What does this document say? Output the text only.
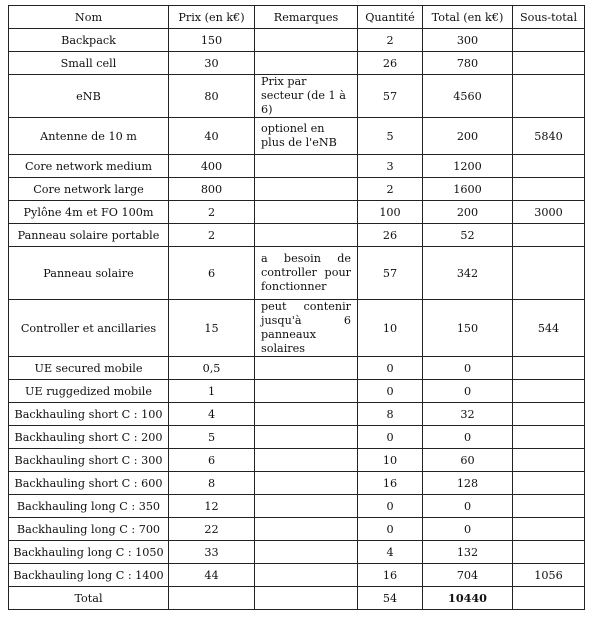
Nom	Prix (en k€)	Remarques	Quantité	Total (en k€)	Sous-total
Backpack	150		2	300	
Small cell	30		26	780	
eNB	80	Prix par secteur (de 1 à 6)	57	4560	
Antenne de 10 m	40	optionel en plus de l'eNB	5	200	5840
Core network medium	400		3	1200	
Core network large	800		2	1600	
Pylône 4m et FO 100m	2		100	200	3000
Panneau solaire portable	2		26	52	
Panneau solaire	6	a besoin de controller pour fonctionner	57	342	
Controller et ancillaries	15	peut contenir jusqu'à 6 panneaux solaires	10	150	544
UE secured mobile	0,5		0	0	
UE ruggedized mobile	1		0	0	
Backhauling short C : 100	4		8	32	
Backhauling short C : 200	5		0	0	
Backhauling short C : 300	6		10	60	
Backhauling short C : 600	8		16	128	
Backhauling long C : 350	12		0	0	
Backhauling long C : 700	22		0	0	
Backhauling long C : 1050	33		4	132	
Backhauling long C : 1400	44		16	704	1056
Total			54	10440	
